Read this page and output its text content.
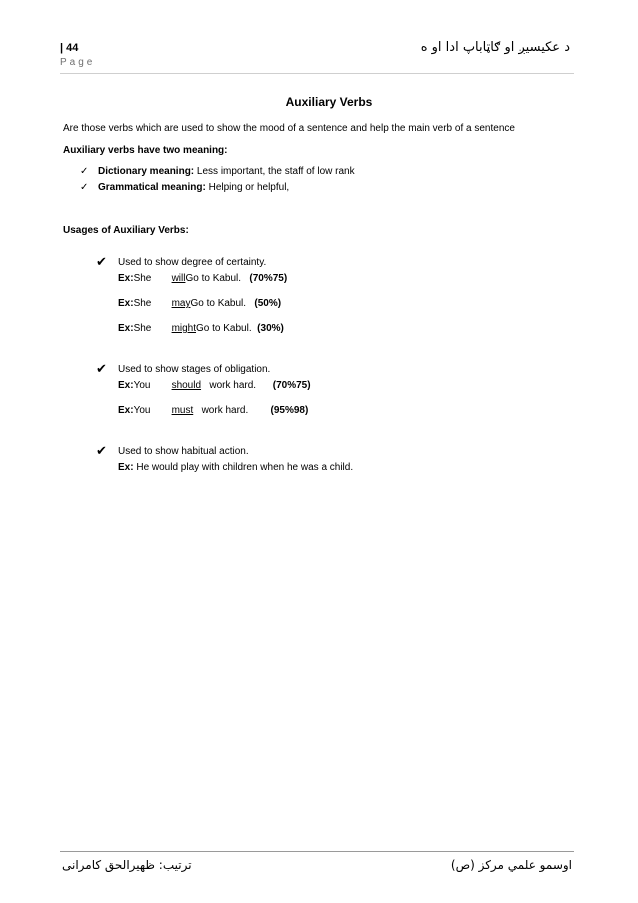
| 44
Page
د عکیسیږ او ګاټاباپ ادا او ه
Auxiliary Verbs

Are those verbs which are used to show the mood of a sentence and help the main verb of a sentence

Auxiliary verbs have two meaning:

✓ Dictionary meaning: Less important, the staff of low rank
✓ Grammatical meaning: Helping or helpful,

Usages of Auxiliary Verbs:

✔ Used to show degree of certainty.
Ex:ShewillGo to Kabul. (70%75)
Ex:She mayGo to Kabul. (50%)
Ex:She mightGo to Kabul. (30%)
✔ Used to show stages of obligation.
Ex:You should work hard. (70%75)
Ex:Youmust   work hard. (95%98)
✔ Used to show habitual action.
Ex: He would play with children when he was a child.
ترتیب: ظهیرالحق کامرانی	اوسمو علمي مرکز (ص)
